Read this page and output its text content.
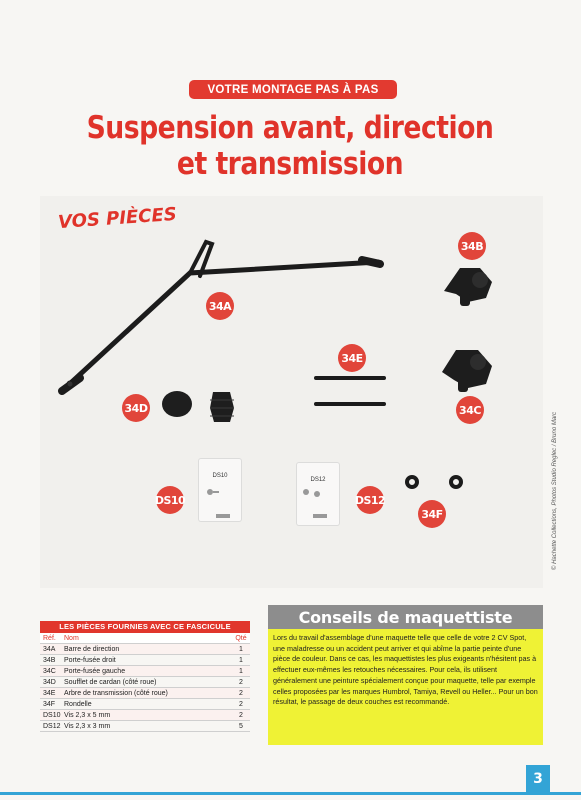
VOTRE MONTAGE PAS À PAS
Suspension avant, direction
et transmission
VOS PIÈCES
DS10
DS12
34A
34B
34C
34D
34E
34F
DS10	DS12	© Hachette Collections, Photos Studio Reglec / Bruno Marc
LES PIÈCES FOURNIES AVEC CE FASCICULE
Réf.	Nom	Qté
34A	Barre de direction	1
34B	Porte-fusée droit	1
34C	Porte-fusée gauche	1
34D	Soufflet de cardan (côté roue)	2
34E	Arbre de transmission (côté roue)	2
34F	Rondelle	2
DS10 Vis 2,3 x 5 mm	2
DS12 Vis 2,3 x 3 mm	5
Conseils de maquettiste
Lors du travail d'assemblage d'une maquette telle que celle de votre 2 CV Spot, une maladresse ou un accident peut arriver et qui abîme la partie peinte d'une pièce de couleur. Dans ce cas, les maquettistes les plus exigeants n'hésitent pas à effectuer eux-mêmes les retouches nécessaires. Pour cela, ils utilisent généralement une peinture spécialement conçue pour maquette, telle par exemple celles proposées par les marques Humbrol, Tamiya, Revell ou Heller... Pour un bon résultat, le passage de deux couches est recommandé.
3
